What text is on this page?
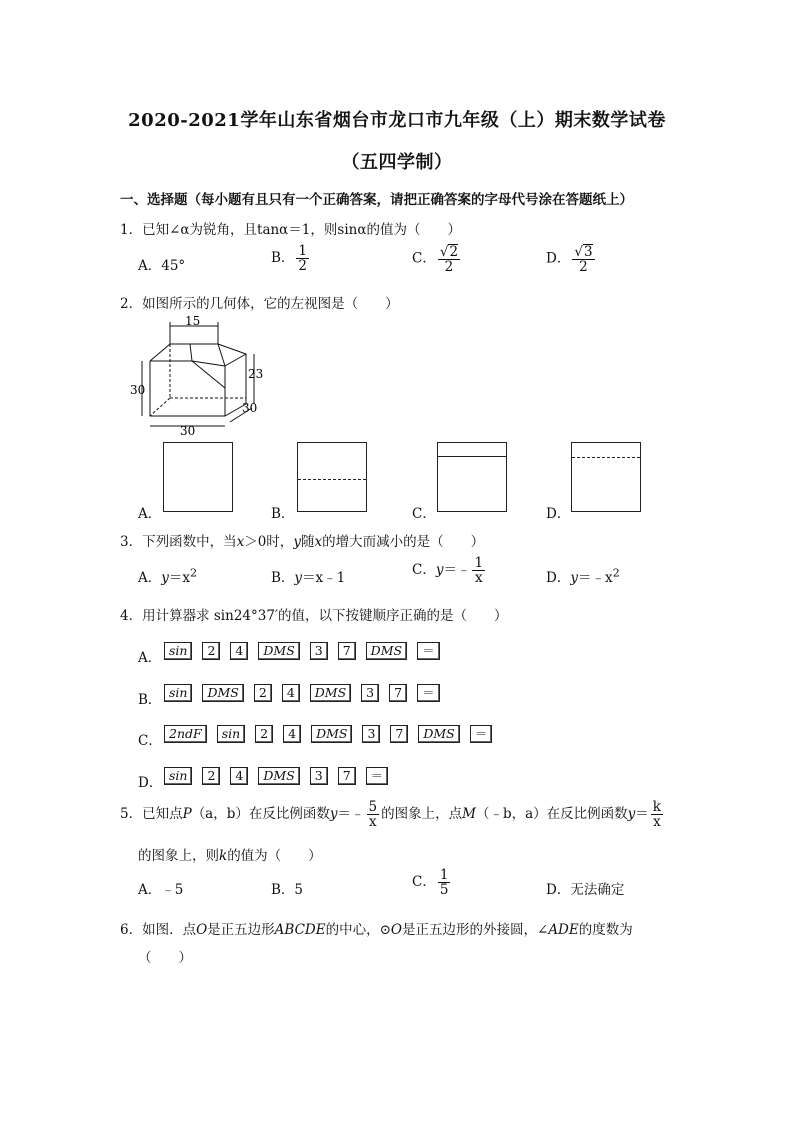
2020-2021学年山东省烟台市龙口市九年级（上）期末数学试卷
（五四学制）
一、选择题（每小题有且只有一个正确答案，请把正确答案的字母代号涂在答题纸上）
1．已知∠α为锐角，且tanα＝1，则sinα的值为（　　）
A．45°	B． $\frac{1}{2}$	C． $\frac{√2}{2}$	D． $\frac{√3}{2}$
2．如图所示的几何体，它的左视图是（　　）
15
30
23
30
30
A．	B．	C．	D．
3．下列函数中，当x＞0时，y随x的增大而减小的是（　　）
A．$y=x^2$	B．y＝x﹣1	C．y＝﹣ $\frac{1}{x}$	D．$y=﹣x^2$
4．用计算器求 sin24°37′的值，以下按键顺序正确的是（　　）
A． sin 2 4 DMS 3 7 DMS ＝
B． sin DMS 2 4 DMS 3 7 ＝
C． 2ndF sin 2 4 DMS 3 7 DMS ＝
D． sin 2 4 DMS 3 7 ＝
5．已知点P（a，b）在反比例函数y＝﹣ $\frac{5}{x}$ 的图象上，点M（﹣b，a）在反比例函数$y= \frac{k}{x}$
的图象上，则k的值为（　　）
A．﹣5	B．5	C． $\frac{1}{5}$	D．无法确定
6．如图．点O是正五边形ABCDE的中心，⊙O是正五边形的外接圆，∠ADE的度数为
（　　）
